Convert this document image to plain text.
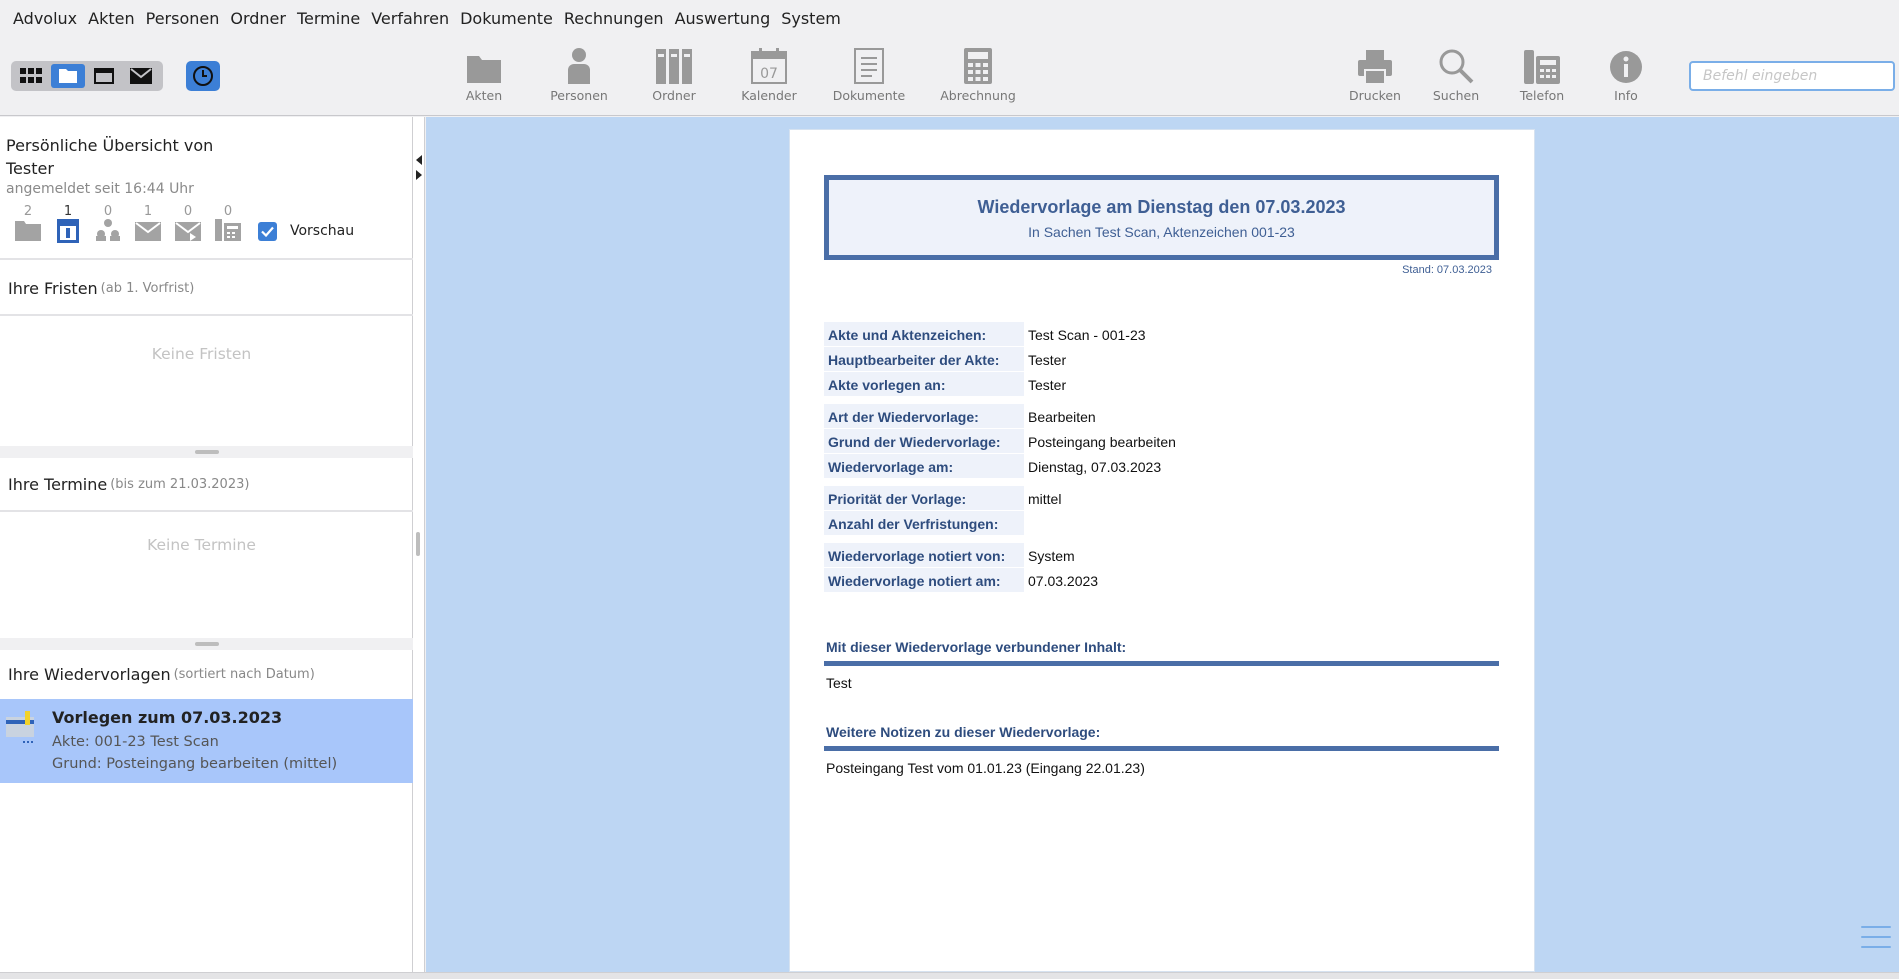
Advolux Akten Personen Ordner Termine Verfahren Dokumente Rechnungen Auswertung System
Akten	Personen	Ordner
07
Kalender	Dokumente	Abrechnung	Drucken	Suchen	Telefon	Info
Befehl eingeben
Persönliche Übersicht von
Tester
angemeldet seit 16:44 Uhr
2 1 0 1 0 0
Vorschau
Ihre Fristen (ab 1. Vorfrist)
Keine Fristen
Ihre Termine (bis zum 21.03.2023)
Keine Termine
Ihre Wiedervorlagen (sortiert nach Datum)
Vorlegen zum 07.03.2023
Akte: 001-23 Test Scan
Grund: Posteingang bearbeiten (mittel)
Wiedervorlage am Dienstag den 07.03.2023
In Sachen Test Scan, Aktenzeichen 001-23
Stand: 07.03.2023
Akte und Aktenzeichen:	Test Scan - 001-23
Hauptbearbeiter der Akte:	Tester
Akte vorlegen an:	Tester
Art der Wiedervorlage:	Bearbeiten
Grund der Wiedervorlage:	Posteingang bearbeiten
Wiedervorlage am:	Dienstag, 07.03.2023
Priorität der Vorlage:	mittel
Anzahl der Verfristungen:
Wiedervorlage notiert von:	System
Wiedervorlage notiert am:	07.03.2023
Mit dieser Wiedervorlage verbundener Inhalt:
Test
Weitere Notizen zu dieser Wiedervorlage:
Posteingang Test vom 01.01.23 (Eingang 22.01.23)
